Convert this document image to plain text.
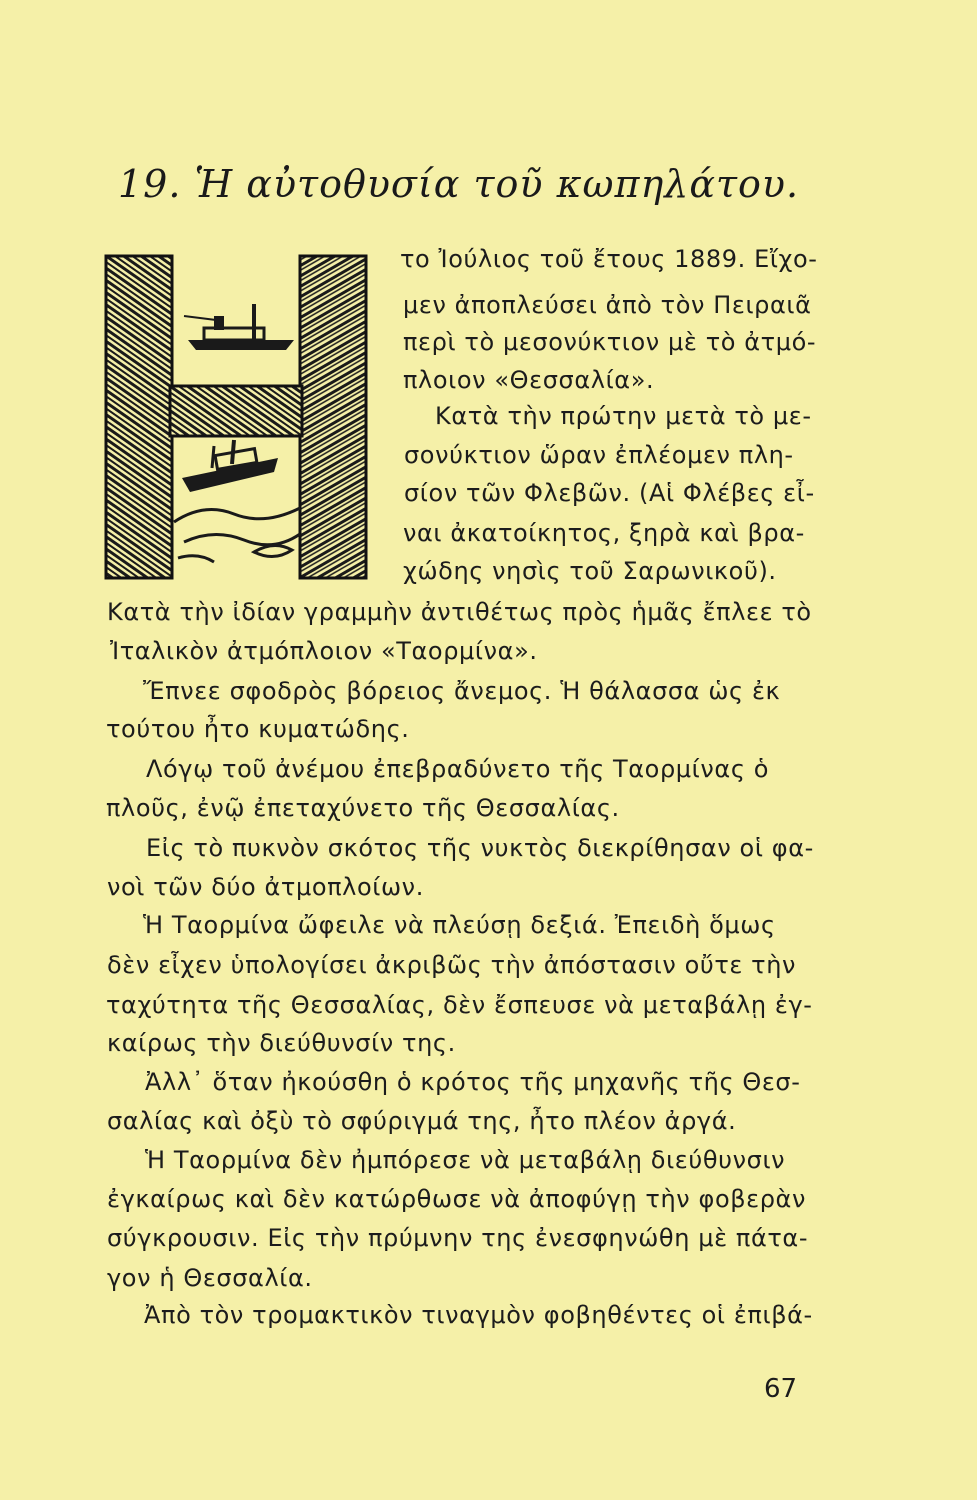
19. Ἡ αὐτοθυσία τοῦ κωπηλάτου.
το Ἰούλιος τοῦ ἔτους 1889. Εἴχο-
μεν ἀποπλεύσει ἀπὸ τὸν Πειραιᾶ
περὶ τὸ μεσονύκτιον μὲ τὸ ἀτμό-
πλοιον «Θεσσαλία».
Κατὰ τὴν πρώτην μετὰ τὸ με-
σονύκτιον ὥραν ἐπλέομεν πλη-
σίον τῶν Φλεβῶν. (Αἱ Φλέβες εἶ-
ναι ἀκατοίκητος, ξηρὰ καὶ βρα-
χώδης νησὶς τοῦ Σαρωνικοῦ).
Κατὰ τὴν ἰδίαν γραμμὴν ἀντιθέτως πρὸς ἡμᾶς ἔπλεε τὸ
Ἰταλικὸν ἀτμόπλοιον «Ταορμίνα».
Ἔπνεε σφοδρὸς βόρειος ἄνεμος. Ἡ θάλασσα ὡς ἐκ
τούτου ἦτο κυματώδης.
Λόγῳ τοῦ ἀνέμου ἐπεβραδύνετο τῆς Ταορμίνας ὁ
πλοῦς, ἐνῷ ἐπεταχύνετο τῆς Θεσσαλίας.
Εἰς τὸ πυκνὸν σκότος τῆς νυκτὸς διεκρίθησαν οἱ φα-
νοὶ τῶν δύο ἀτμοπλοίων.
Ἡ Ταορμίνα ὤφειλε νὰ πλεύσῃ δεξιά. Ἐπειδὴ ὅμως
δὲν εἶχεν ὑπολογίσει ἀκριβῶς τὴν ἀπόστασιν οὔτε τὴν
ταχύτητα τῆς Θεσσαλίας, δὲν ἔσπευσε νὰ μεταβάλῃ ἐγ-
καίρως τὴν διεύθυνσίν της.
Ἀλλ᾽ ὅταν ἠκούσθη ὁ κρότος τῆς μηχανῆς τῆς Θεσ-
σαλίας καὶ ὀξὺ τὸ σφύριγμά της, ἦτο πλέον ἀργά.
Ἡ Ταορμίνα δὲν ἠμπόρεσε νὰ μεταβάλῃ διεύθυνσιν
ἐγκαίρως καὶ δὲν κατώρθωσε νὰ ἀποφύγῃ τὴν φοβερὰν
σύγκρουσιν. Εἰς τὴν πρύμνην της ἐνεσφηνώθη μὲ πάτα-
γον ἡ Θεσσαλία.
Ἀπὸ τὸν τρομακτικὸν τιναγμὸν φοβηθέντες οἱ ἐπιβά-
67
